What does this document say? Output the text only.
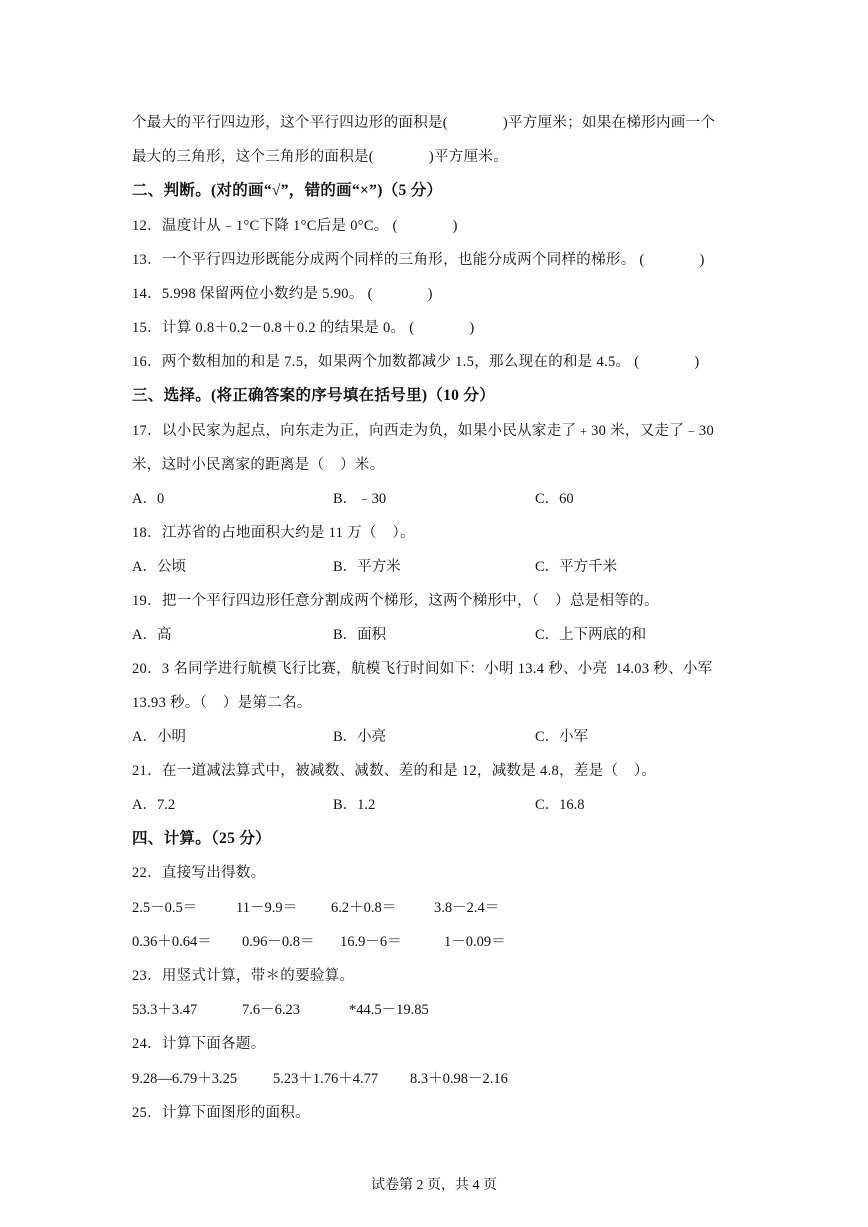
个最大的平行四边形，这个平行四边形的面积是(              )平方厘米；如果在梯形内画一个
最大的三角形，这个三角形的面积是(              )平方厘米。
二、判断。(对的画“√”，错的画“×”)（5 分）
12．温度计从﹣1°C下降 1°C后是 0°C。 (              )
13．一个平行四边形既能分成两个同样的三角形，也能分成两个同样的梯形。 (              )
14．5.998 保留两位小数约是 5.90。 (              )
15．计算 0.8＋0.2－0.8＋0.2 的结果是 0。 (              )
16．两个数相加的和是 7.5，如果两个加数都减少 1.5，那么现在的和是 4.5。 (              )
三、选择。(将正确答案的序号填在括号里)（10 分）
17．以小民家为起点，向东走为正，向西走为负，如果小民从家走了﹢30 米，又走了﹣30
米，这时小民离家的距离是（    ）米。
A．0	B．﹣30	C．60
18．江苏省的占地面积大约是 11 万（    ）。
A．公顷	B．平方米	C．平方千米
19．把一个平行四边形任意分割成两个梯形，这两个梯形中，（    ）总是相等的。
A．高	B．面积	C．上下两底的和
20．3 名同学进行航模飞行比赛，航模飞行时间如下：小明 13.4 秒、小亮  14.03 秒、小军
13.93 秒。（    ）是第二名。
A．小明	B．小亮	C．小军
21．在一道减法算式中，被减数、减数、差的和是 12，减数是 4.8，差是（    ）。
A．7.2	B．1.2	C．16.8
四、计算。（25 分）
22．直接写出得数。
2.5－0.5＝	11－9.9＝ 6.2＋0.8＝	3.8－2.4＝
0.36＋0.64＝ 0.96－0.8＝ 16.9－6＝	1－0.09＝
23．用竖式计算，带＊的要验算。
53.3＋3.47	7.6－6.23	*44.5－19.85
24．计算下面各题。
9.28—6.79＋3.25 5.23＋1.76＋4.77 8.3＋0.98－2.16
25．计算下面图形的面积。
试卷第 2 页，共 4 页
